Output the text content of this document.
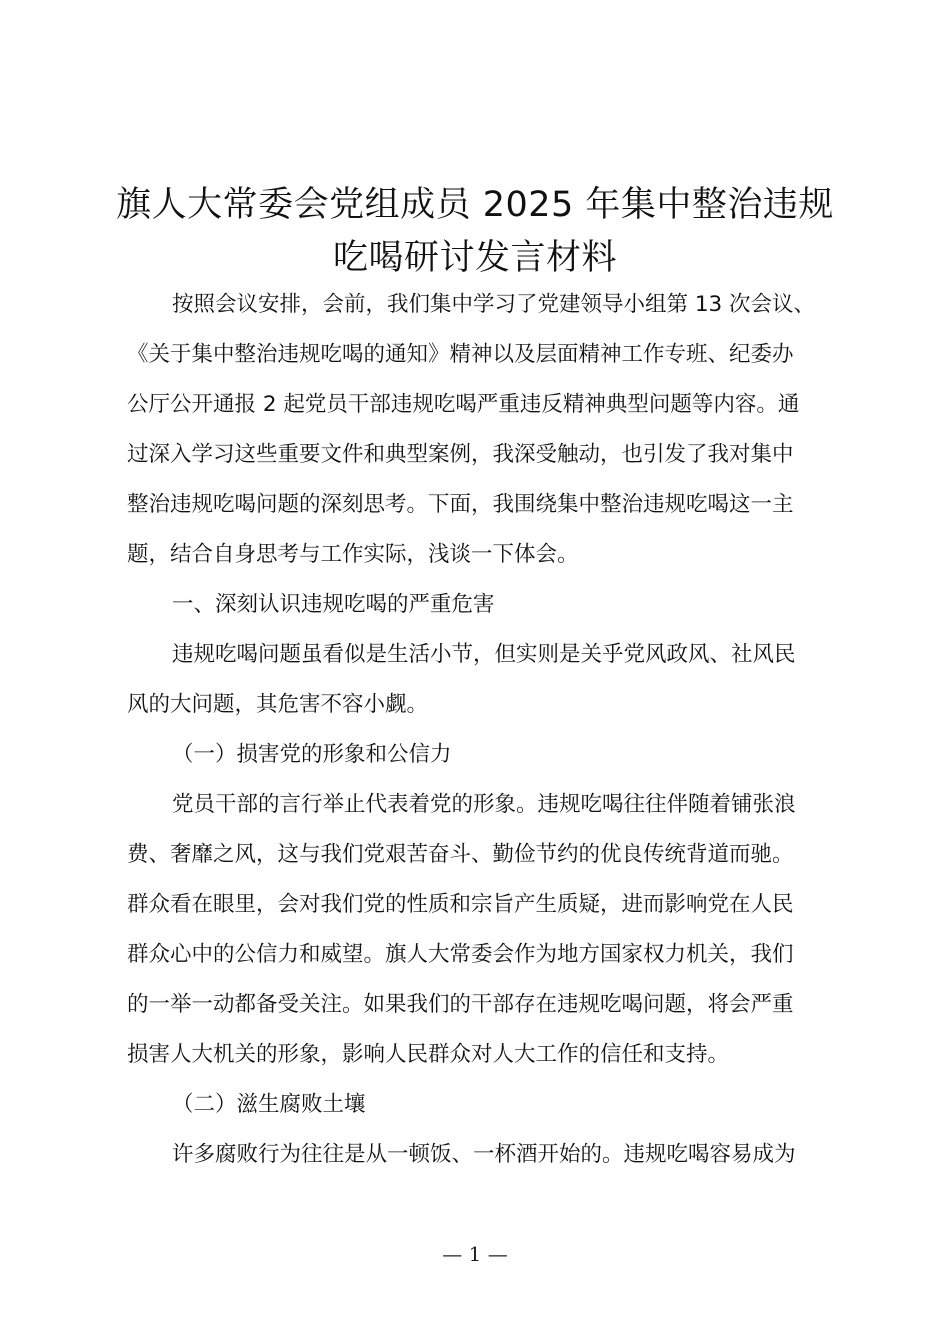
旗人大常委会党组成员 2025 年集中整治违规
吃喝研讨发言材料
按照会议安排，会前，我们集中学习了党建领导小组第 13 次会议、
《关于集中整治违规吃喝的通知》精神以及层面精神工作专班、纪委办
公厅公开通报 2 起党员干部违规吃喝严重违反精神典型问题等内容。通
过深入学习这些重要文件和典型案例，我深受触动，也引发了我对集中
整治违规吃喝问题的深刻思考。下面，我围绕集中整治违规吃喝这一主
题，结合自身思考与工作实际，浅谈一下体会。
一、深刻认识违规吃喝的严重危害
违规吃喝问题虽看似是生活小节，但实则是关乎党风政风、社风民
风的大问题，其危害不容小觑。
（一）损害党的形象和公信力
党员干部的言行举止代表着党的形象。违规吃喝往往伴随着铺张浪
费、奢靡之风，这与我们党艰苦奋斗、勤俭节约的优良传统背道而驰。
群众看在眼里，会对我们党的性质和宗旨产生质疑，进而影响党在人民
群众心中的公信力和威望。旗人大常委会作为地方国家权力机关，我们
的一举一动都备受关注。如果我们的干部存在违规吃喝问题，将会严重
损害人大机关的形象，影响人民群众对人大工作的信任和支持。
（二）滋生腐败土壤
许多腐败行为往往是从一顿饭、一杯酒开始的。违规吃喝容易成为
— 1 —
